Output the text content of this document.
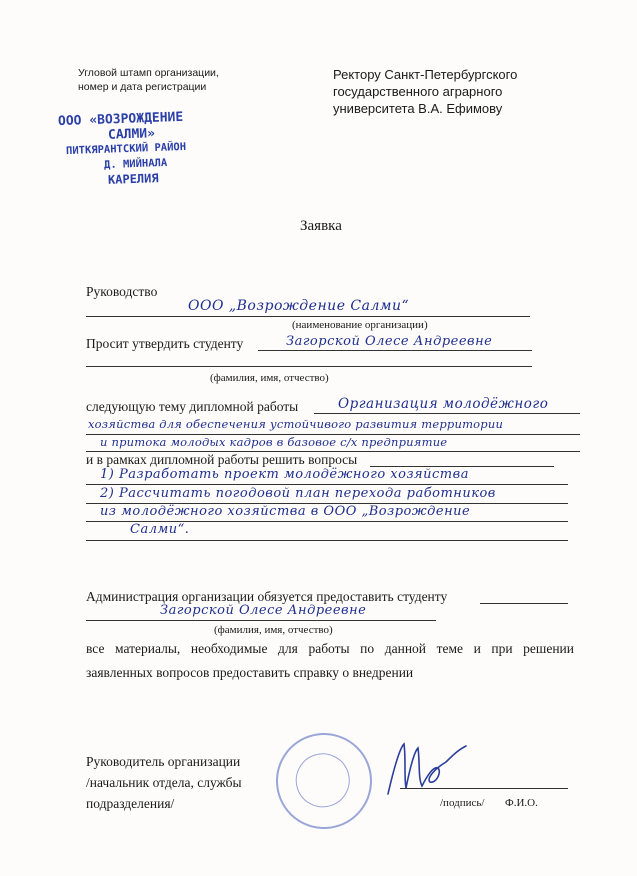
Угловой штамп организации,
номер и дата регистрации
Ректору Санкт-Петербургского
государственного аграрного
университета В.А. Ефимову
ООО «ВОЗРОЖДЕНИЕ
САЛМИ»
ПИТКЯРАНТСКИЙ РАЙОН
Д. МИЙНАЛА
КАРЕЛИЯ
Заявка
Руководство
ООО „Возрождение Салми“
(наименование организации)
Просит утвердить студенту	Загорской Олесе Андреевне
(фамилия, имя, отчество)
следующую тему дипломной работы	Организация молодёжного
хозяйства для обеспечения устойчивого развития территории
и притока молодых кадров в базовое с/х предприятие
и в рамках дипломной работы решить вопросы
1) Разработать проект молодёжного хозяйства
2) Рассчитать погодовой план перехода работников
из молодёжного хозяйства в ООО „Возрождение
Салми“.
Администрация организации обязуется предоставить студенту
Загорской Олесе Андреевне
(фамилия, имя, отчество)
все материалы, необходимые для работы по данной теме и при решении
заявленных вопросов предоставить справку о внедрении
Руководитель организации
/начальник отдела, службы
подразделения/	/подпись/ Ф.И.О.
